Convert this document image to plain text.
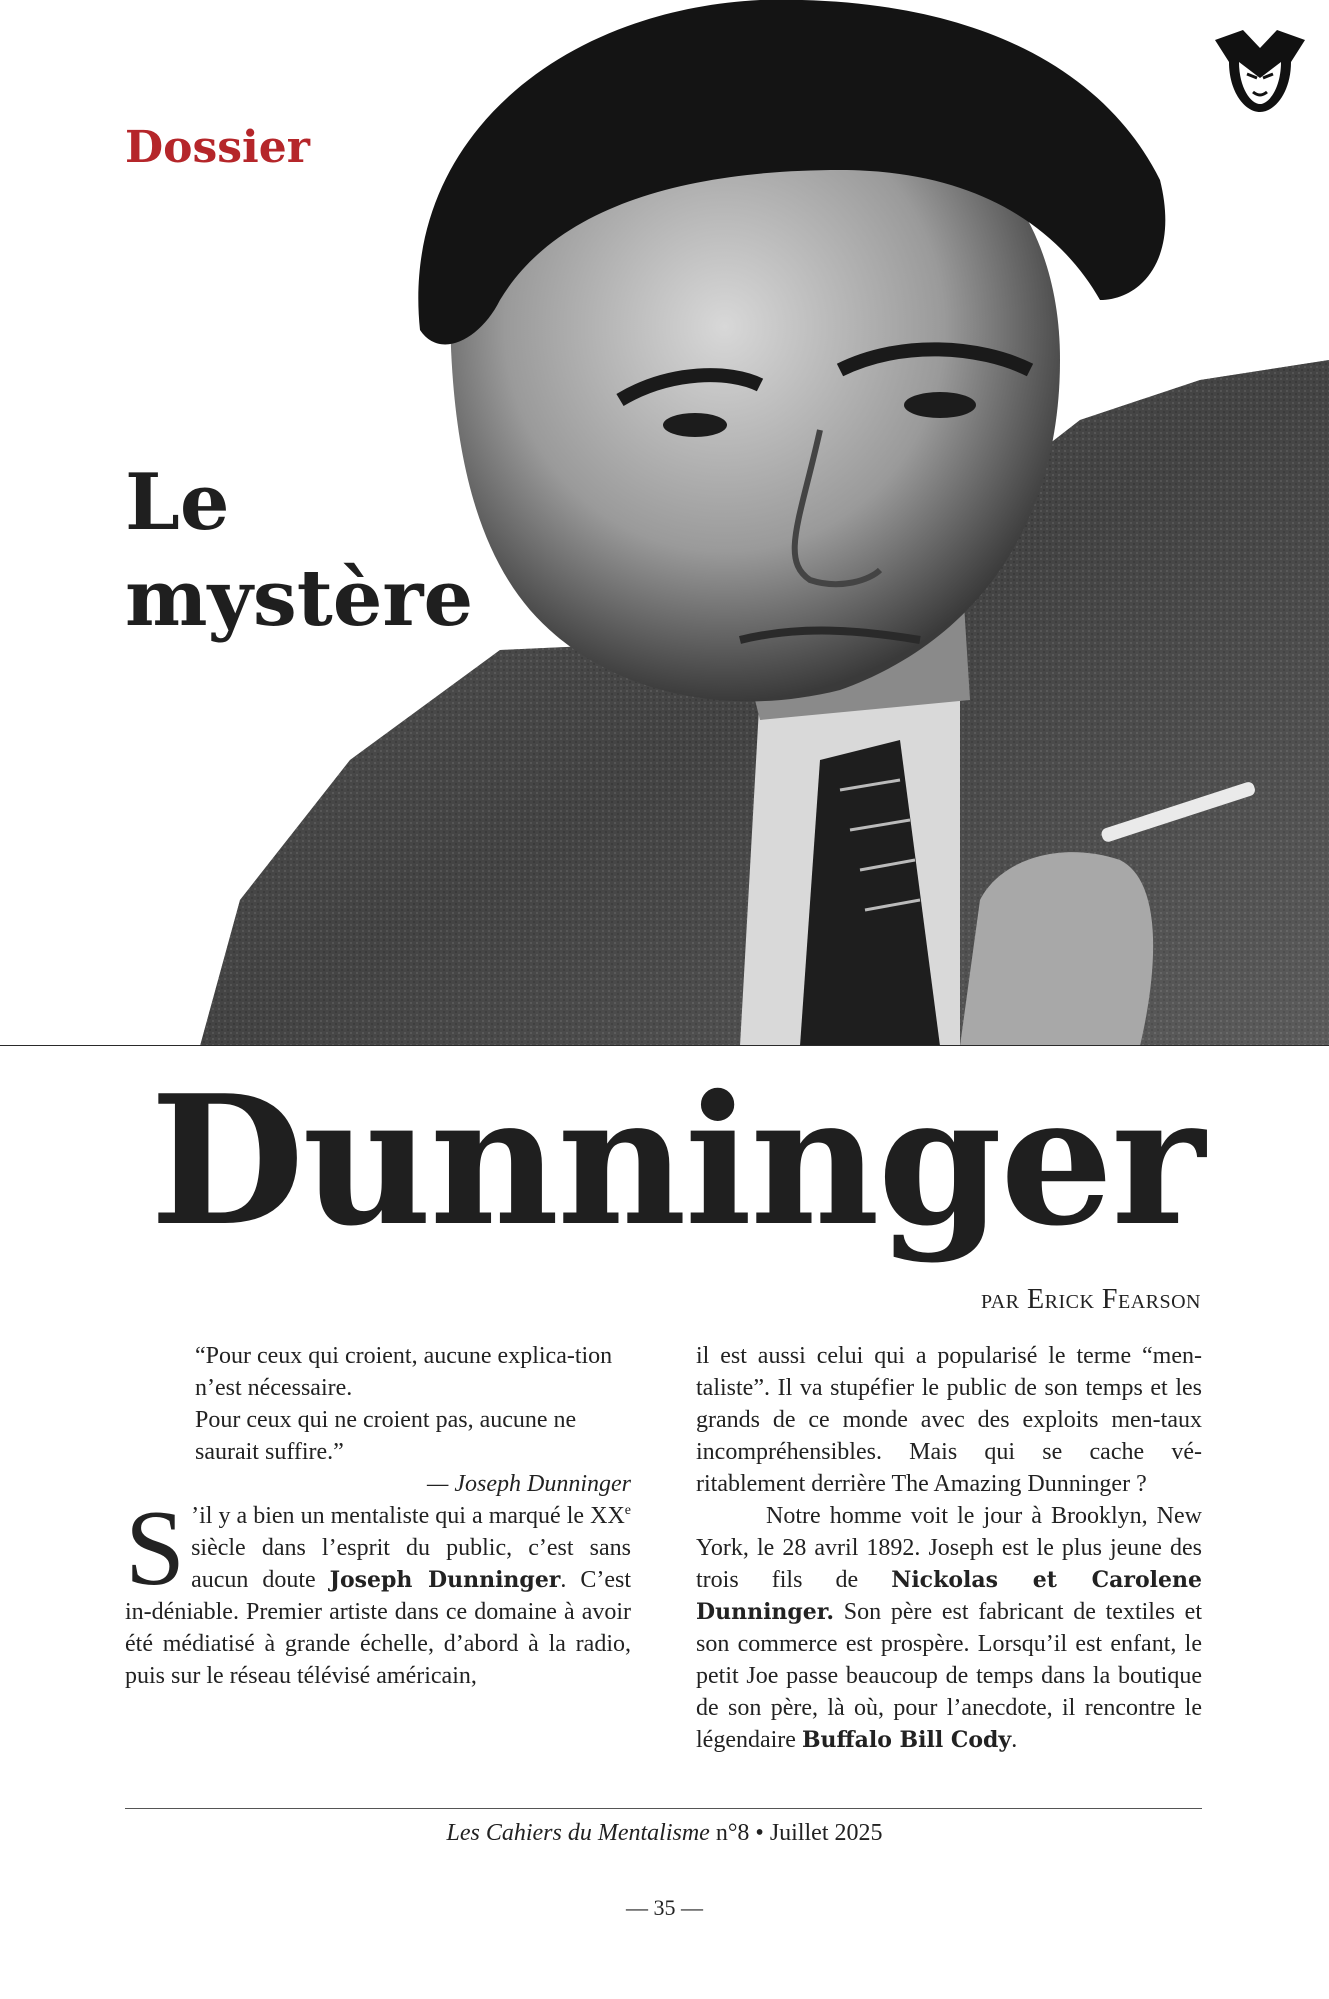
Dossier
Le
mystère
Dunninger

par Erick Fearson

“Pour ceux qui croient, aucune explica-tion n’est nécessaire.

Pour ceux qui ne croient pas, aucune ne saurait suffire.”

— Joseph Dunninger

S ’il y a bien un mentaliste qui a marqué le XXe siècle dans l’esprit du public, c’est sans aucun doute Joseph Dunninger. C’est in-déniable. Premier artiste dans ce domaine à avoir été médiatisé à grande échelle, d’abord à la radio, puis sur le réseau télévisé américain,

il est aussi celui qui a popularisé le terme “men-taliste”. Il va stupéfier le public de son temps et les grands de ce monde avec des exploits men-taux incompréhensibles. Mais qui se cache vé-ritablement derrière The Amazing Dunninger ?

Notre homme voit le jour à Brooklyn, New York, le 28 avril 1892. Joseph est le plus jeune des trois fils de Nickolas et Carolene Dunninger. Son père est fabricant de textiles et son commerce est prospère. Lorsqu’il est enfant, le petit Joe passe beaucoup de temps dans la boutique de son père, là où, pour l’anecdote, il rencontre le légendaire Buffalo Bill Cody.

Les Cahiers du Mentalisme n°8 • Juillet 2025

— 35 —
